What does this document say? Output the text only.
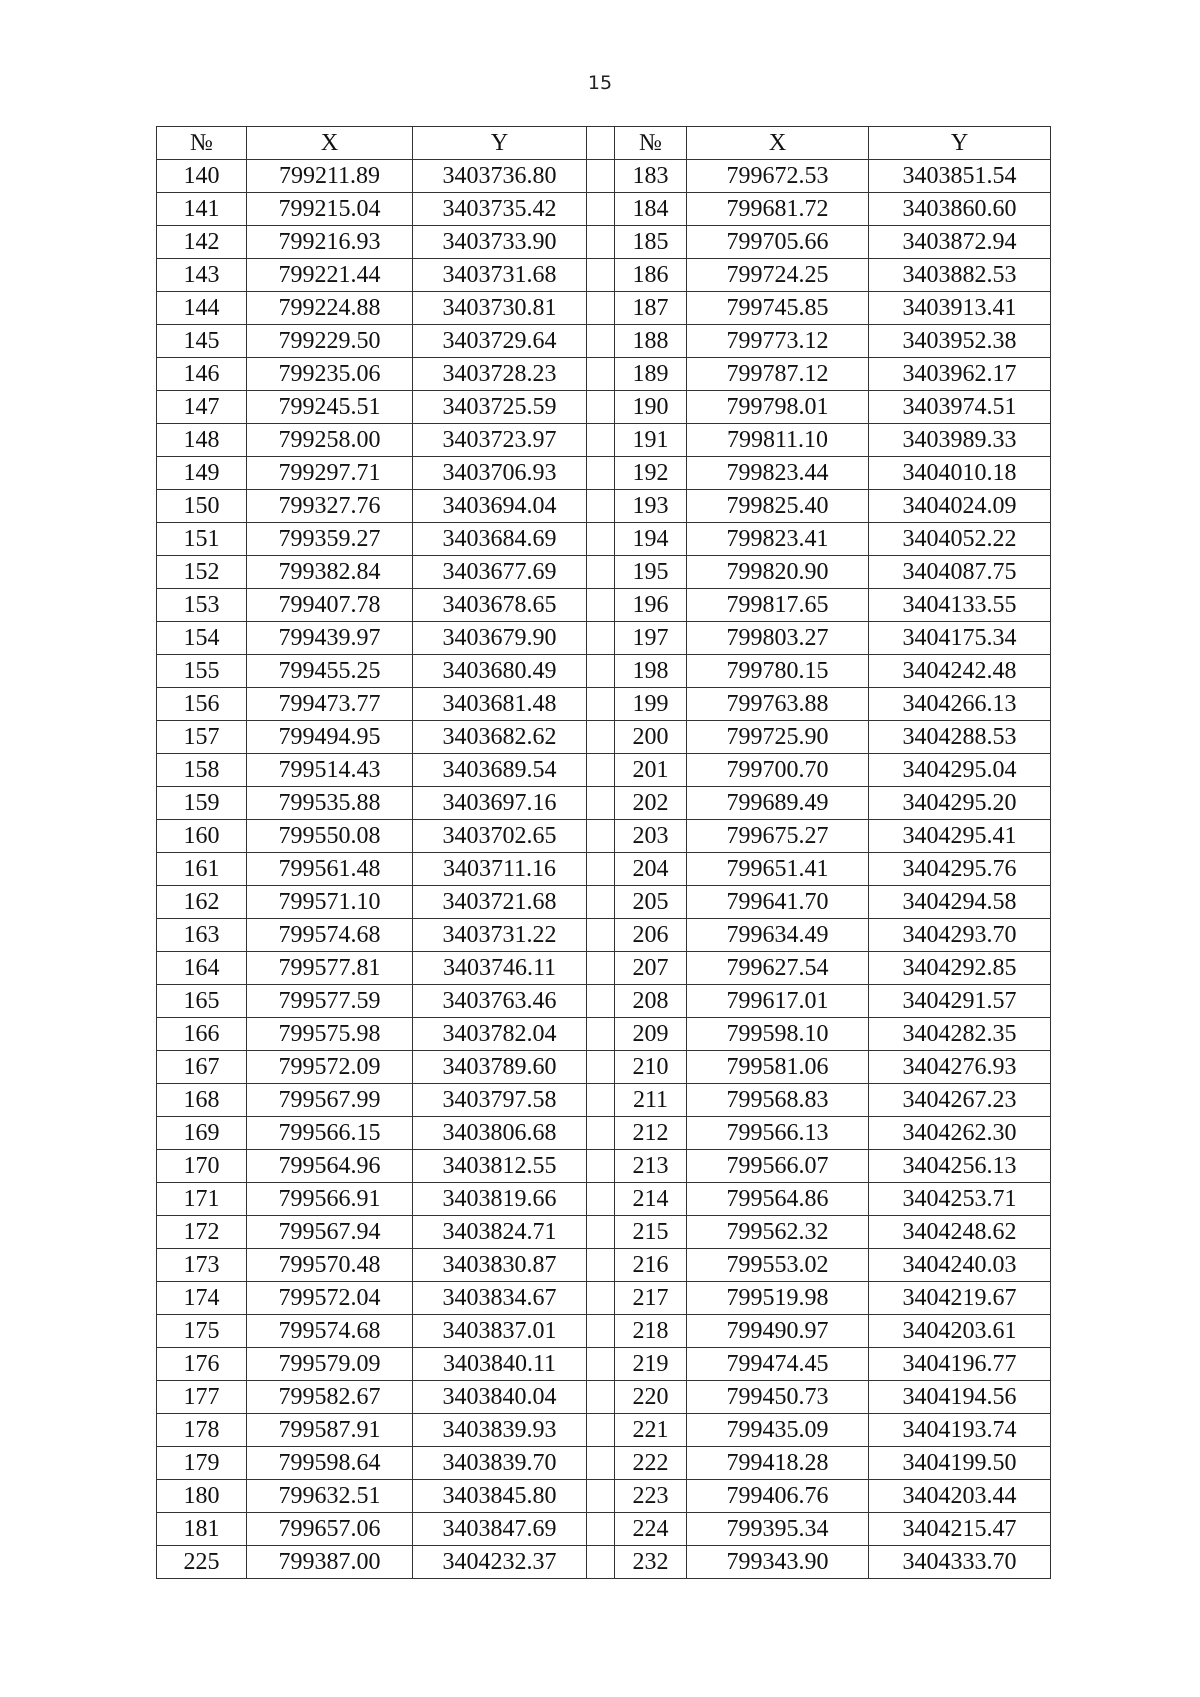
15
№	X	Y		№	X	Y
140	799211.89	3403736.80		183	799672.53	3403851.54
141	799215.04	3403735.42		184	799681.72	3403860.60
142	799216.93	3403733.90		185	799705.66	3403872.94
143	799221.44	3403731.68		186	799724.25	3403882.53
144	799224.88	3403730.81		187	799745.85	3403913.41
145	799229.50	3403729.64		188	799773.12	3403952.38
146	799235.06	3403728.23		189	799787.12	3403962.17
147	799245.51	3403725.59		190	799798.01	3403974.51
148	799258.00	3403723.97		191	799811.10	3403989.33
149	799297.71	3403706.93		192	799823.44	3404010.18
150	799327.76	3403694.04		193	799825.40	3404024.09
151	799359.27	3403684.69		194	799823.41	3404052.22
152	799382.84	3403677.69		195	799820.90	3404087.75
153	799407.78	3403678.65		196	799817.65	3404133.55
154	799439.97	3403679.90		197	799803.27	3404175.34
155	799455.25	3403680.49		198	799780.15	3404242.48
156	799473.77	3403681.48		199	799763.88	3404266.13
157	799494.95	3403682.62		200	799725.90	3404288.53
158	799514.43	3403689.54		201	799700.70	3404295.04
159	799535.88	3403697.16		202	799689.49	3404295.20
160	799550.08	3403702.65		203	799675.27	3404295.41
161	799561.48	3403711.16		204	799651.41	3404295.76
162	799571.10	3403721.68		205	799641.70	3404294.58
163	799574.68	3403731.22		206	799634.49	3404293.70
164	799577.81	3403746.11		207	799627.54	3404292.85
165	799577.59	3403763.46		208	799617.01	3404291.57
166	799575.98	3403782.04		209	799598.10	3404282.35
167	799572.09	3403789.60		210	799581.06	3404276.93
168	799567.99	3403797.58		211	799568.83	3404267.23
169	799566.15	3403806.68		212	799566.13	3404262.30
170	799564.96	3403812.55		213	799566.07	3404256.13
171	799566.91	3403819.66		214	799564.86	3404253.71
172	799567.94	3403824.71		215	799562.32	3404248.62
173	799570.48	3403830.87		216	799553.02	3404240.03
174	799572.04	3403834.67		217	799519.98	3404219.67
175	799574.68	3403837.01		218	799490.97	3404203.61
176	799579.09	3403840.11		219	799474.45	3404196.77
177	799582.67	3403840.04		220	799450.73	3404194.56
178	799587.91	3403839.93		221	799435.09	3404193.74
179	799598.64	3403839.70		222	799418.28	3404199.50
180	799632.51	3403845.80		223	799406.76	3404203.44
181	799657.06	3403847.69		224	799395.34	3404215.47
225	799387.00	3404232.37		232	799343.90	3404333.70
